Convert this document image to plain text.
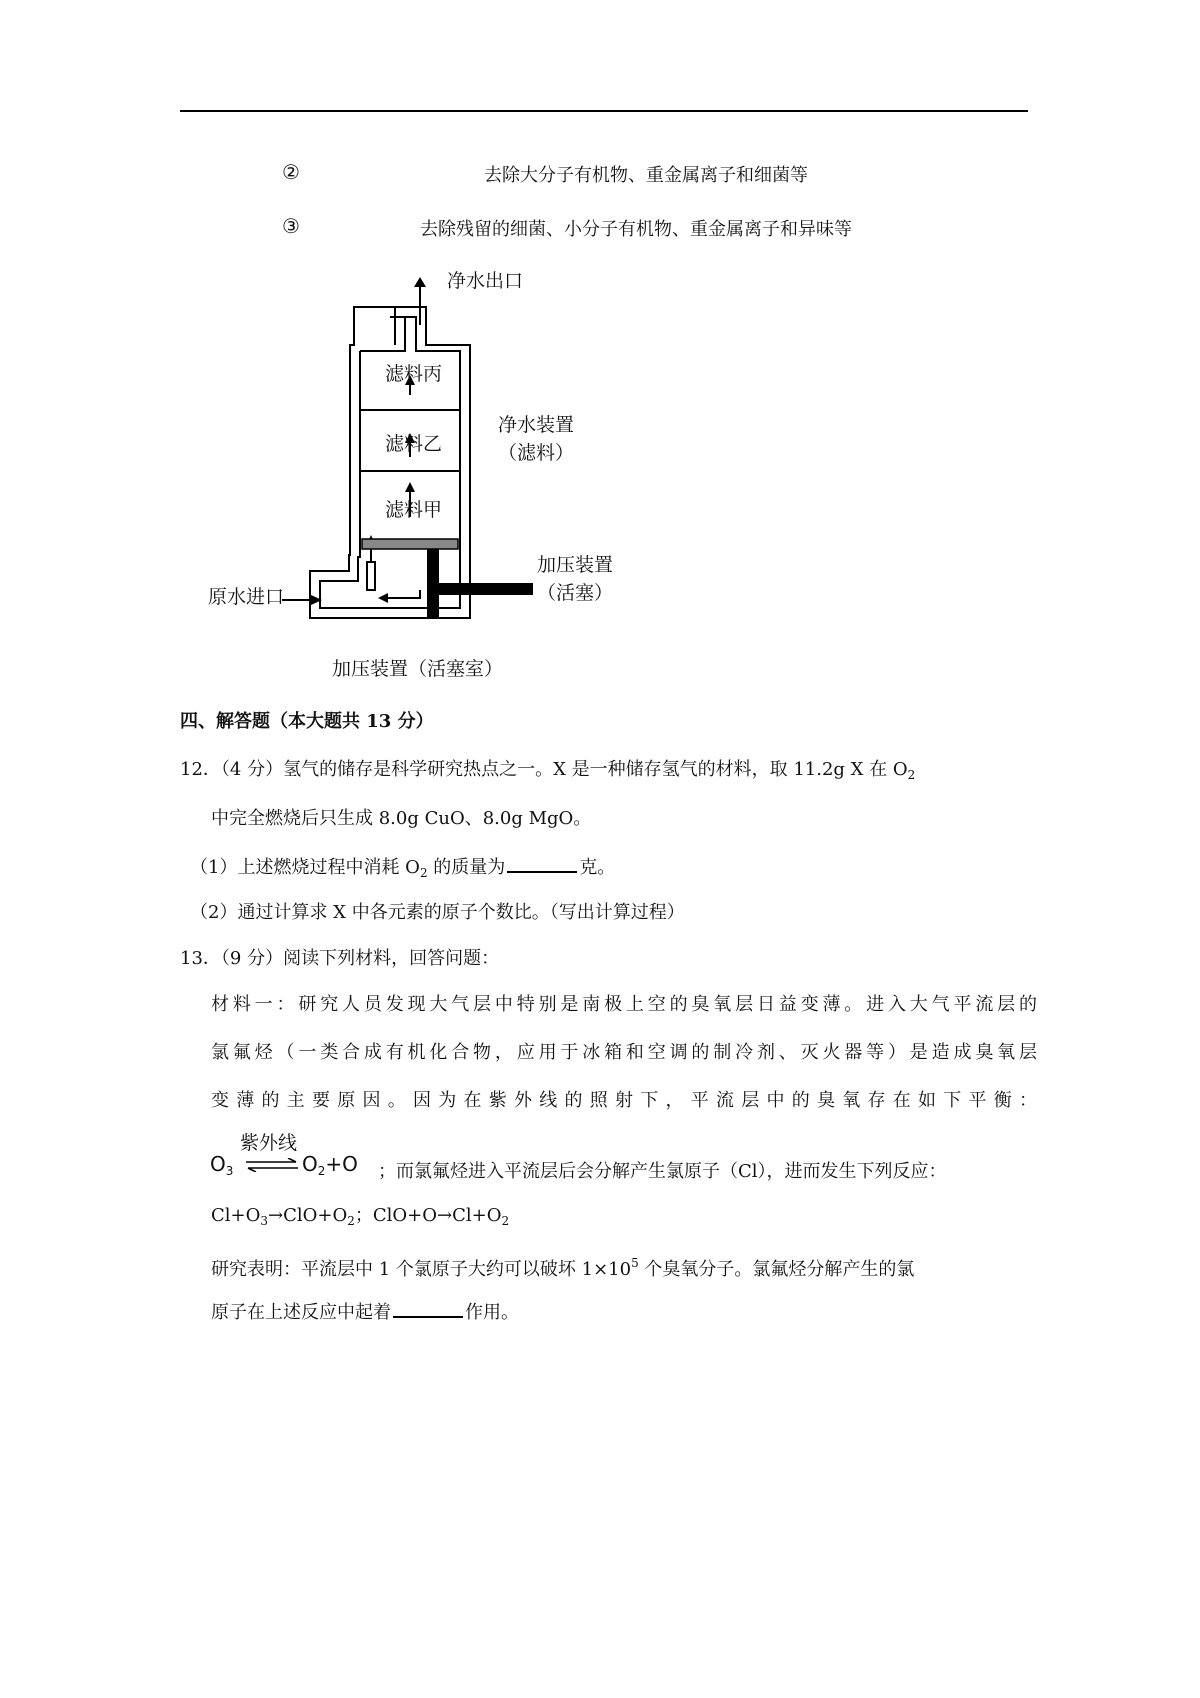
②	去除大分子有机物、重金属离子和细菌等
③	去除残留的细菌、小分子有机物、重金属离子和异味等
净水出口
滤料丙
滤料乙
滤料甲
净水装置
（滤料）
加压装置
（活塞）
原水进口
加压装置（活塞室）
四、解答题（本大题共 13 分）
12．（4 分）氢气的储存是科学研究热点之一。X 是一种储存氢气的材料，取 11.2g X 在 $O_2$
中完全燃烧后只生成 8.0g CuO、8.0g MgO。
（1）上述燃烧过程中消耗 $O_2$ 的质量为	克。
（2）通过计算求 X 中各元素的原子个数比。（写出计算过程）
13．（9 分）阅读下列材料，回答问题：
材料一：研究人员发现大气层中特别是南极上空的臭氧层日益变薄。进入大气平流层的
氯氟烃（一类合成有机化合物，应用于冰箱和空调的制冷剂、灭火器等）是造成臭氧层
变薄的主要原因。因为在紫外线的照射下，平流层中的臭氧存在如下平衡：
紫外线
$O_3$ ⇌ $O_2+O$ ；而氯氟烃进入平流层后会分解产生氯原子（Cl），进而发生下列反应：
$Cl+O_3\to ClO+O_2$；$ClO+O\to Cl+O_2$
研究表明：平流层中 1 个氯原子大约可以破坏 $1\times 10^5$ 个臭氧分子。氯氟烃分解产生的氯
原子在上述反应中起着	作用。
